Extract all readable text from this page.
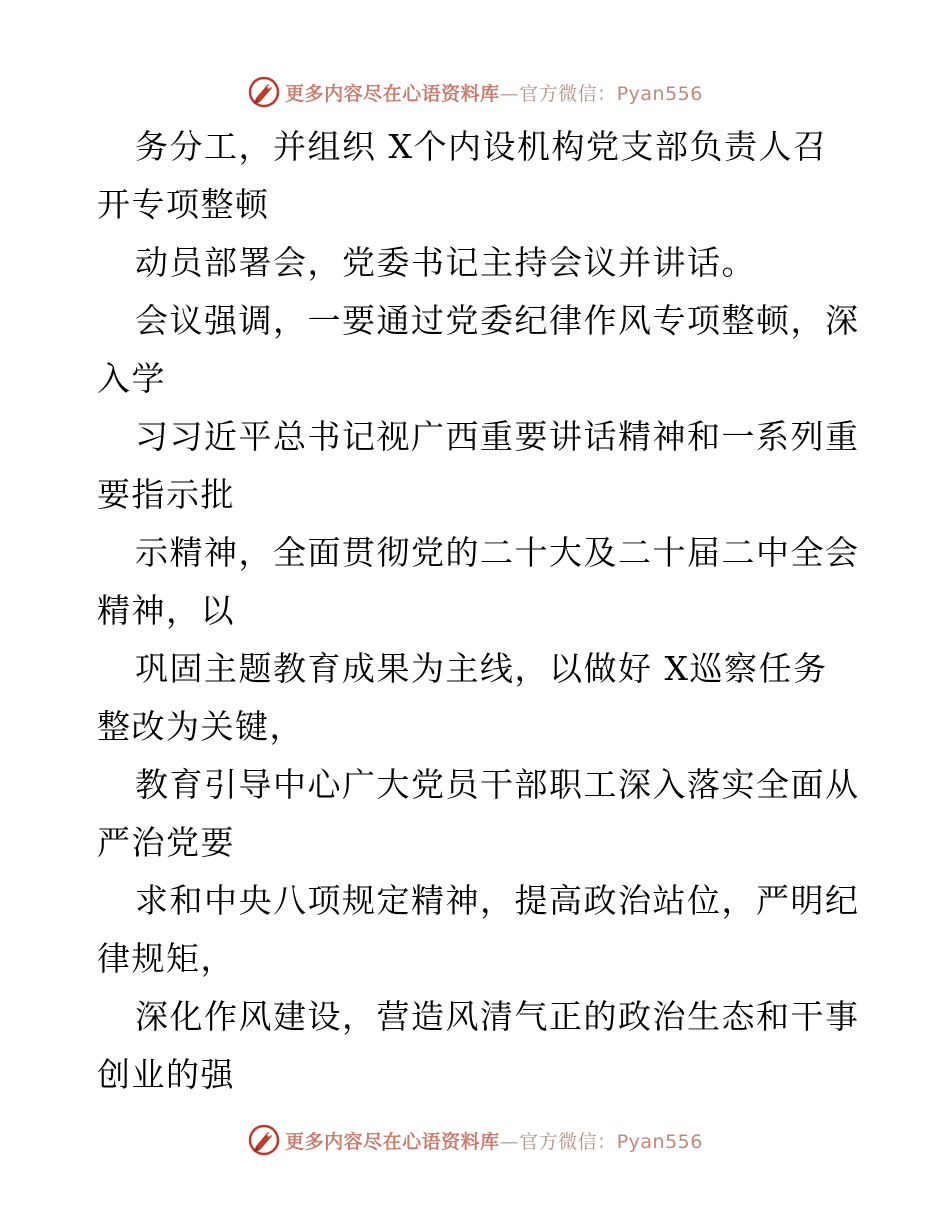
更多内容尽在心语资料库—官方微信：Pyan556
务分工，并组织 X个内设机构党支部负责人召
开专项整顿
动员部署会，党委书记主持会议并讲话。
会议强调，一要通过党委纪律作风专项整顿，深
入学
习习近平总书记视广西重要讲话精神和一系列重
要指示批
示精神，全面贯彻党的二十大及二十届二中全会
精神，以
巩固主题教育成果为主线，以做好 X巡察任务
整改为关键，
教育引导中心广大党员干部职工深入落实全面从
严治党要
求和中央八项规定精神，提高政治站位，严明纪
律规矩，
深化作风建设，营造风清气正的政治生态和干事
创业的强
更多内容尽在心语资料库—官方微信：Pyan556
